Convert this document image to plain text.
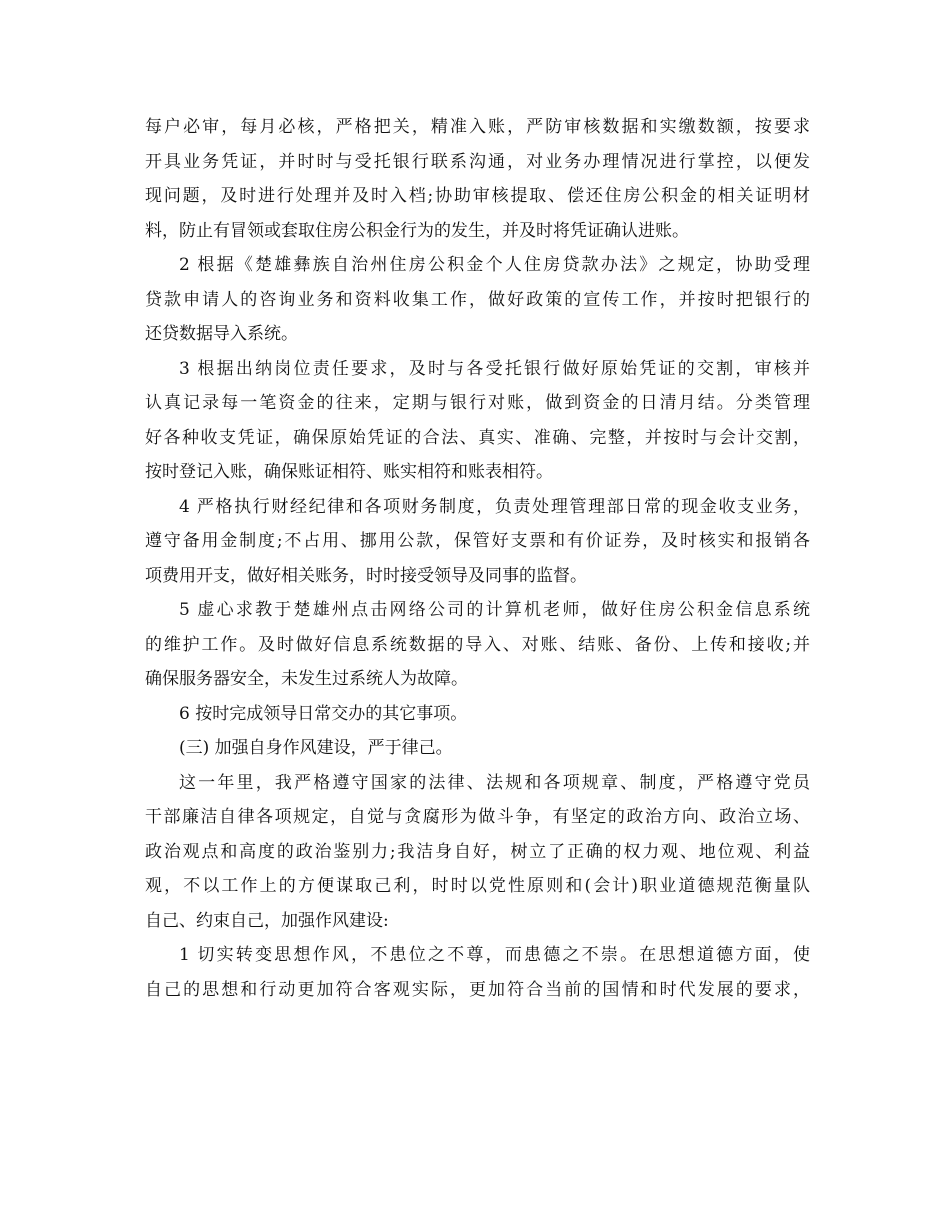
每户必审，每月必核，严格把关，精准入账，严防审核数据和实缴数额，按要求
开具业务凭证，并时时与受托银行联系沟通，对业务办理情况进行掌控，以便发
现问题，及时进行处理并及时入档;协助审核提取、偿还住房公积金的相关证明材
料，防止有冒领或套取住房公积金行为的发生，并及时将凭证确认进账。
2 根据《楚雄彝族自治州住房公积金个人住房贷款办法》之规定，协助受理
贷款申请人的咨询业务和资料收集工作，做好政策的宣传工作，并按时把银行的
还贷数据导入系统。
3 根据出纳岗位责任要求，及时与各受托银行做好原始凭证的交割，审核并
认真记录每一笔资金的往来，定期与银行对账，做到资金的日清月结。分类管理
好各种收支凭证，确保原始凭证的合法、真实、准确、完整，并按时与会计交割，
按时登记入账，确保账证相符、账实相符和账表相符。
4 严格执行财经纪律和各项财务制度，负责处理管理部日常的现金收支业务，
遵守备用金制度;不占用、挪用公款，保管好支票和有价证券，及时核实和报销各
项费用开支，做好相关账务，时时接受领导及同事的监督。
5 虚心求教于楚雄州点击网络公司的计算机老师，做好住房公积金信息系统
的维护工作。及时做好信息系统数据的导入、对账、结账、备份、上传和接收;并
确保服务器安全，未发生过系统人为故障。
6 按时完成领导日常交办的其它事项。
(三) 加强自身作风建设，严于律己。
这一年里，我严格遵守国家的法律、法规和各项规章、制度，严格遵守党员
干部廉洁自律各项规定，自觉与贪腐形为做斗争，有坚定的政治方向、政治立场、
政治观点和高度的政治鉴别力;我洁身自好，树立了正确的权力观、地位观、利益
观，不以工作上的方便谋取己利，时时以党性原则和(会计)职业道德规范衡量队
自己、约束自己，加强作风建设:
1 切实转变思想作风，不患位之不尊，而患德之不崇。在思想道德方面，使
自己的思想和行动更加符合客观实际，更加符合当前的国情和时代发展的要求，
